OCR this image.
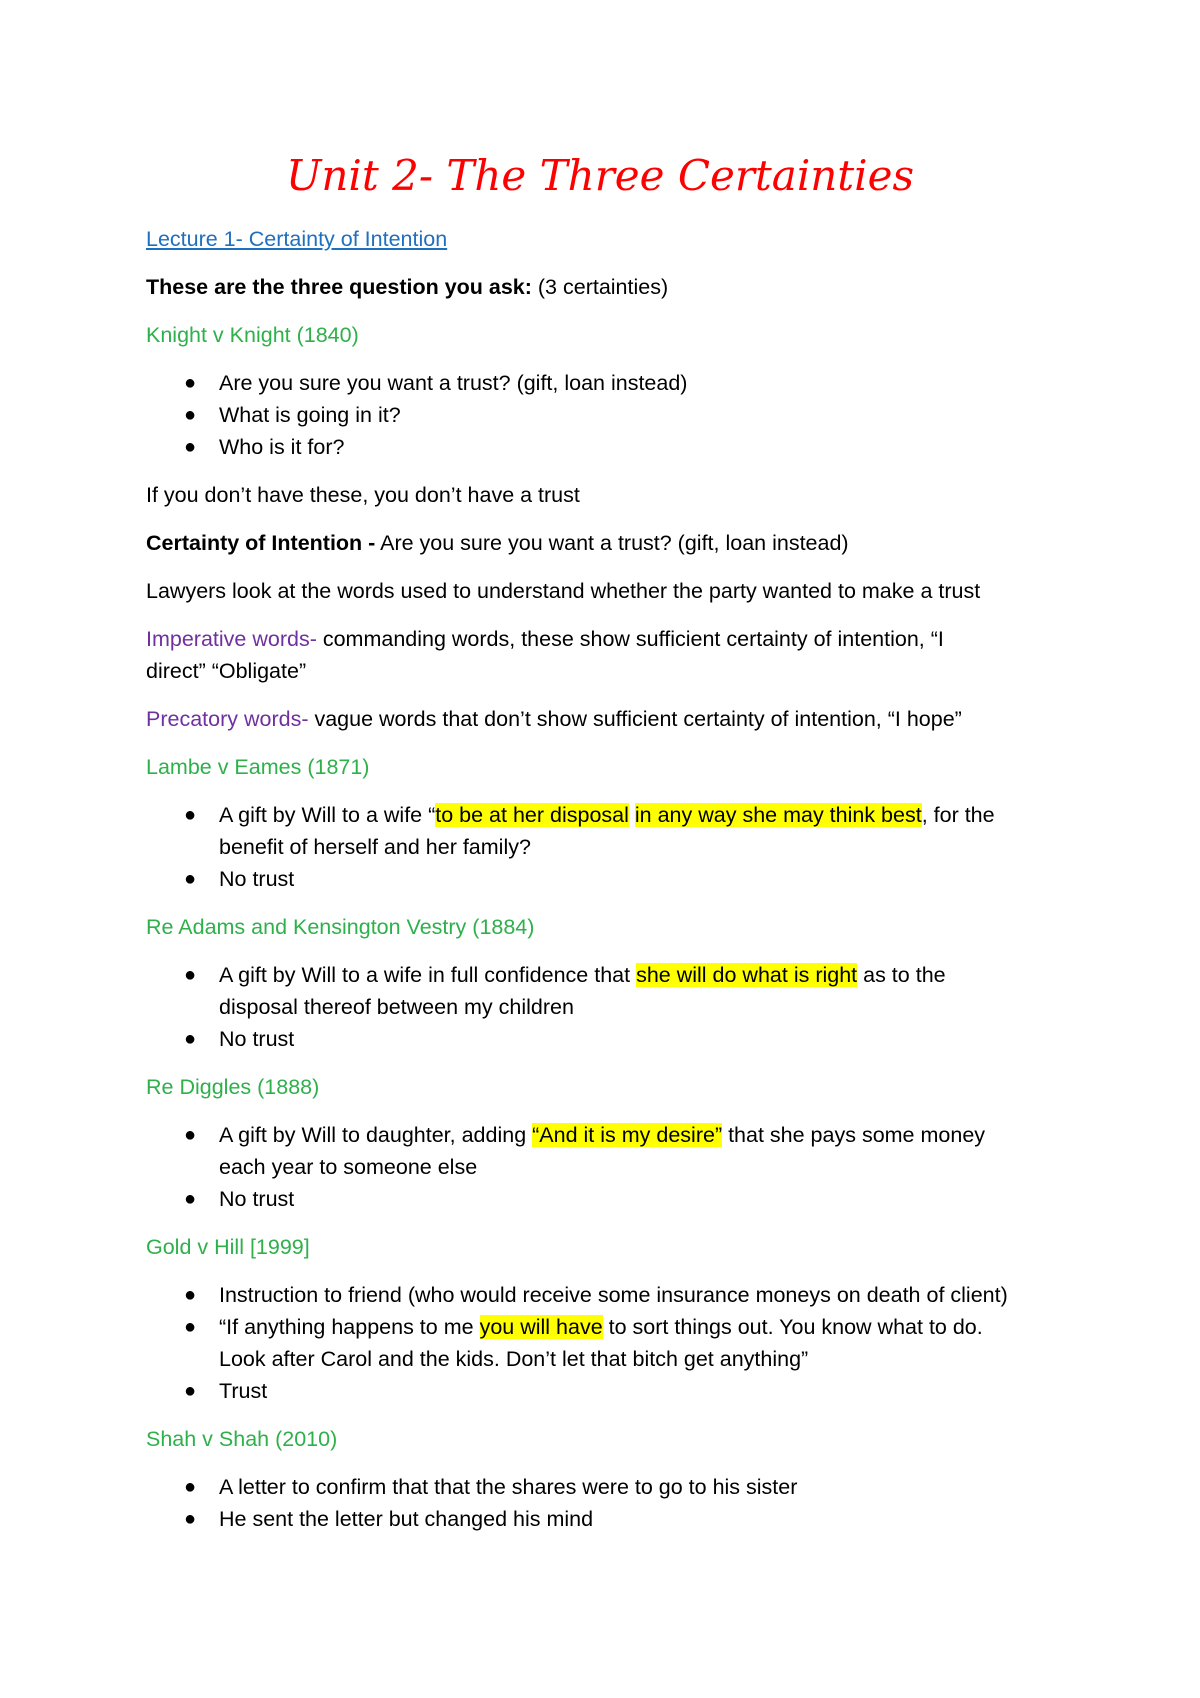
Unit 2- The Three Certainties
Lecture 1- Certainty of Intention
These are the three question you ask: (3 certainties)
Knight v Knight (1840)
● Are you sure you want a trust? (gift, loan instead)
● What is going in it?
● Who is it for?
If you don’t have these, you don’t have a trust
Certainty of Intention - Are you sure you want a trust? (gift, loan instead)
Lawyers look at the words used to understand whether the party wanted to make a trust
Imperative words- commanding words, these show sufficient certainty of intention, “I
direct” “Obligate”
Precatory words- vague words that don’t show sufficient certainty of intention, “I hope”
Lambe v Eames (1871)
● A gift by Will to a wife “to be at her disposal in any way she may think best, for the
benefit of herself and her family?
● No trust
Re Adams and Kensington Vestry (1884)
● A gift by Will to a wife in full confidence that she will do what is right as to the
disposal thereof between my children
● No trust
Re Diggles (1888)
● A gift by Will to daughter, adding “And it is my desire” that she pays some money
each year to someone else
● No trust
Gold v Hill [1999]
● Instruction to friend (who would receive some insurance moneys on death of client)
● “If anything happens to me you will have to sort things out. You know what to do.
Look after Carol and the kids. Don’t let that bitch get anything”
● Trust
Shah v Shah (2010)
● A letter to confirm that that the shares were to go to his sister
● He sent the letter but changed his mind
